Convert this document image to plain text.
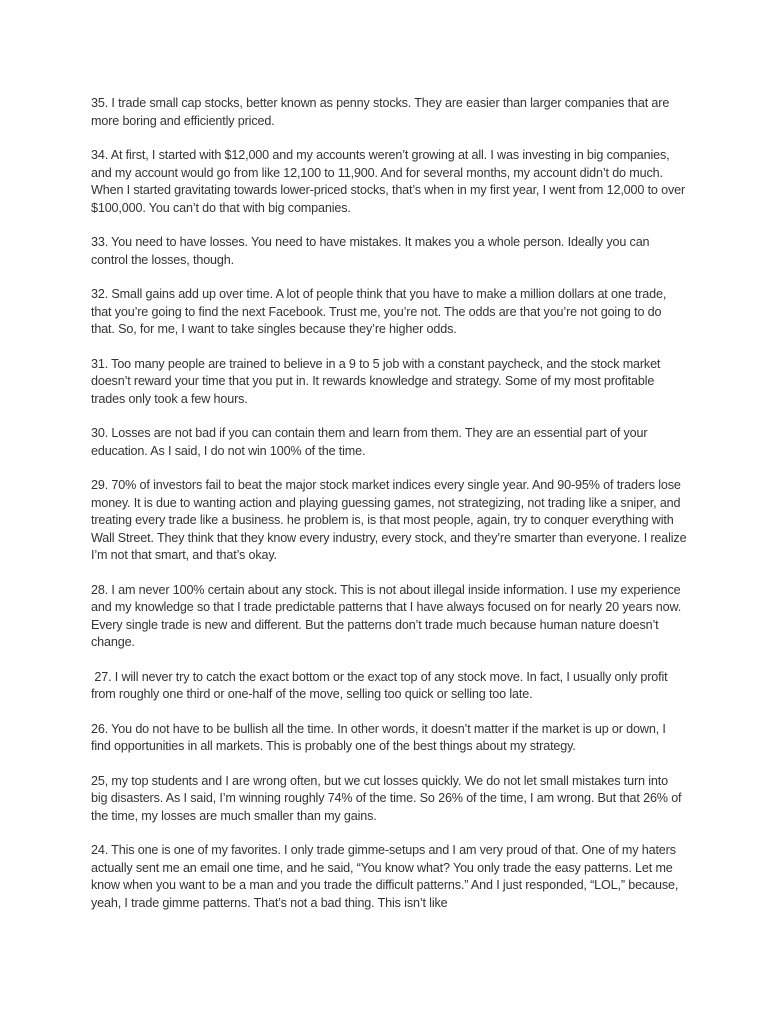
35. I trade small cap stocks, better known as penny stocks. They are easier than larger companies that are more boring and efficiently priced.

34. At first, I started with $12,000 and my accounts weren’t growing at all. I was investing in big companies, and my account would go from like 12,100 to 11,900. And for several months, my account didn’t do much. When I started gravitating towards lower-priced stocks, that’s when in my first year, I went from 12,000 to over $100,000. You can’t do that with big companies.

33. You need to have losses. You need to have mistakes. It makes you a whole person. Ideally you can control the losses, though.

32. Small gains add up over time. A lot of people think that you have to make a million dollars at one trade, that you’re going to find the next Facebook. Trust me, you’re not. The odds are that you’re not going to do that. So, for me, I want to take singles because they’re higher odds.

31. Too many people are trained to believe in a 9 to 5 job with a constant paycheck, and the stock market doesn’t reward your time that you put in. It rewards knowledge and strategy. Some of my most profitable trades only took a few hours.

30. Losses are not bad if you can contain them and learn from them. They are an essential part of your education. As I said, I do not win 100% of the time.

29. 70% of investors fail to beat the major stock market indices every single year. And 90-95% of traders lose money. It is due to wanting action and playing guessing games, not strategizing, not trading like a sniper, and treating every trade like a business. he problem is, is that most people, again, try to conquer everything with Wall Street. They think that they know every industry, every stock, and they’re smarter than everyone. I realize I’m not that smart, and that’s okay.

28. I am never 100% certain about any stock. This is not about illegal inside information. I use my experience and my knowledge so that I trade predictable patterns that I have always focused on for nearly 20 years now. Every single trade is new and different. But the patterns don’t trade much because human nature doesn’t change.

27. I will never try to catch the exact bottom or the exact top of any stock move. In fact, I usually only profit from roughly one third or one-half of the move, selling too quick or selling too late.

26. You do not have to be bullish all the time. In other words, it doesn’t matter if the market is up or down, I find opportunities in all markets. This is probably one of the best things about my strategy.

25, my top students and I are wrong often, but we cut losses quickly. We do not let small mistakes turn into big disasters. As I said, I’m winning roughly 74% of the time. So 26% of the time, I am wrong. But that 26% of the time, my losses are much smaller than my gains.

24. This one is one of my favorites. I only trade gimme-setups and I am very proud of that. One of my haters actually sent me an email one time, and he said, “You know what? You only trade the easy patterns. Let me know when you want to be a man and you trade the difficult patterns.” And I just responded, “LOL,” because, yeah, I trade gimme patterns. That’s not a bad thing. This isn’t like
